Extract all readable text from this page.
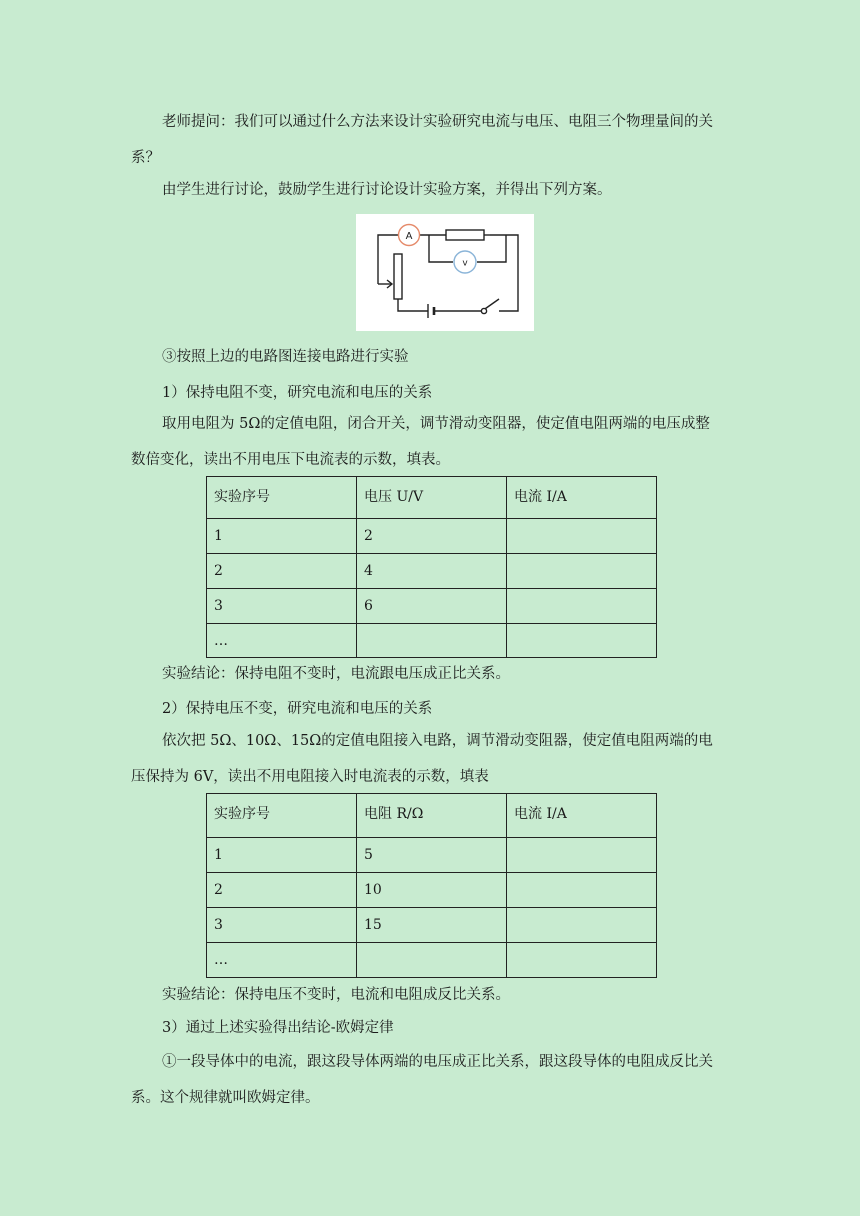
老师提问：我们可以通过什么方法来设计实验研究电流与电压、电阻三个物理量间的关

系？

由学生进行讨论，鼓励学生进行讨论设计实验方案，并得出下列方案。

A
v

③按照上边的电路图连接电路进行实验

1）保持电阻不变，研究电流和电压的关系

取用电阻为 5Ω的定值电阻，闭合开关，调节滑动变阻器，使定值电阻两端的电压成整

数倍变化，读出不用电压下电流表的示数，填表。

实验序号	电压 U/V	电流 I/A
1	2	
2	4	
3	6	
…		

实验结论：保持电阻不变时，电流跟电压成正比关系。

2）保持电压不变，研究电流和电压的关系

依次把 5Ω、10Ω、15Ω的定值电阻接入电路，调节滑动变阻器，使定值电阻两端的电

压保持为 6V，读出不用电阻接入时电流表的示数，填表

实验序号	电阻 R/Ω	电流 I/A
1	5	
2	10	
3	15	
…		

实验结论：保持电压不变时，电流和电阻成反比关系。

3）通过上述实验得出结论-欧姆定律

①一段导体中的电流，跟这段导体两端的电压成正比关系，跟这段导体的电阻成反比关

系。这个规律就叫欧姆定律。
